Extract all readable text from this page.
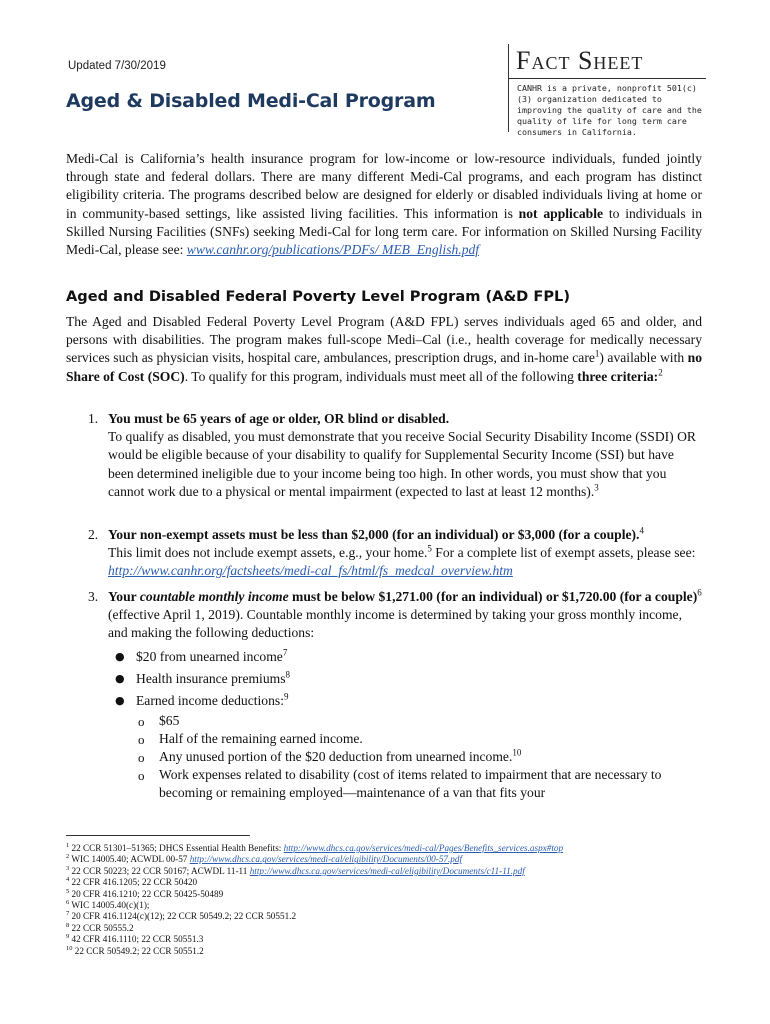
Updated 7/30/2019
Aged & Disabled Medi-Cal Program
Fact Sheet
CANHR is a private, nonprofit 501(c)(3) organization dedicated to improving the quality of care and the quality of life for long term care consumers in California.
Medi-Cal is California’s health insurance program for low-income or low-resource individuals, funded jointly through state and federal dollars. There are many different Medi-Cal programs, and each program has distinct eligibility criteria. The programs described below are designed for elderly or disabled individuals living at home or in community-based settings, like assisted living facilities. This information is not applicable to individuals in Skilled Nursing Facilities (SNFs) seeking Medi-Cal for long term care. For information on Skilled Nursing Facility Medi-Cal, please see: www.canhr.org/publications/PDFs/ MEB_English.pdf
Aged and Disabled Federal Poverty Level Program (A&D FPL)
The Aged and Disabled Federal Poverty Level Program (A&D FPL) serves individuals aged 65 and older, and persons with disabilities. The program makes full-scope Medi–Cal (i.e., health coverage for medically necessary services such as physician visits, hospital care, ambulances, prescription drugs, and in-home care$^1$) available with no Share of Cost (SOC). To qualify for this program, individuals must meet all of the following three criteria:$^2$
1. You must be 65 years of age or older, OR blind or disabled.
To qualify as disabled, you must demonstrate that you receive Social Security Disability Income (SSDI) OR would be eligible because of your disability to qualify for Supplemental Security Income (SSI) but have been determined ineligible due to your income being too high. In other words, you must show that you cannot work due to a physical or mental impairment (expected to last at least 12 months).$^3$
2. Your non-exempt assets must be less than $2,000 (for an individual) or $3,000 (for a couple).$^4$
This limit does not include exempt assets, e.g., your home.$^5$ For a complete list of exempt assets, please see: http://www.canhr.org/factsheets/medi-cal_fs/html/fs_medcal_overview.htm
3. Your countable monthly income must be below $1,271.00 (for an individual) or $1,720.00 (for a couple)$^6$ (effective April 1, 2019). Countable monthly income is determined by taking your gross monthly income, and making the following deductions:
● $20 from unearned income$^7$
● Health insurance premiums$^8$
● Earned income deductions:$^9$
o $65
o Half of the remaining earned income.
o Any unused portion of the $20 deduction from unearned income.$^{10}$
o Work expenses related to disability (cost of items related to impairment that are necessary to becoming or remaining employed—maintenance of a van that fits your
$^1$ 22 CCR 51301–51365; DHCS Essential Health Benefits: http://www.dhcs.ca.gov/services/medi-cal/Pages/Benefits_services.aspx#top
$^2$ WIC 14005.40; ACWDL 00-57 http://www.dhcs.ca.gov/services/medi-cal/eligibility/Documents/00-57.pdf
$^3$ 22 CCR 50223; 22 CCR 50167; ACWDL 11-11 http://www.dhcs.ca.gov/services/medi-cal/eligibility/Documents/c11-11.pdf
$^4$ 22 CFR 416.1205; 22 CCR 50420
$^5$ 20 CFR 416.1210; 22 CCR 50425-50489
$^6$ WIC 14005.40(c)(1);
$^7$ 20 CFR 416.1124(c)(12); 22 CCR 50549.2; 22 CCR 50551.2
$^8$ 22 CCR 50555.2
$^9$ 42 CFR 416.1110; 22 CCR 50551.3
$^{10}$ 22 CCR 50549.2; 22 CCR 50551.2
